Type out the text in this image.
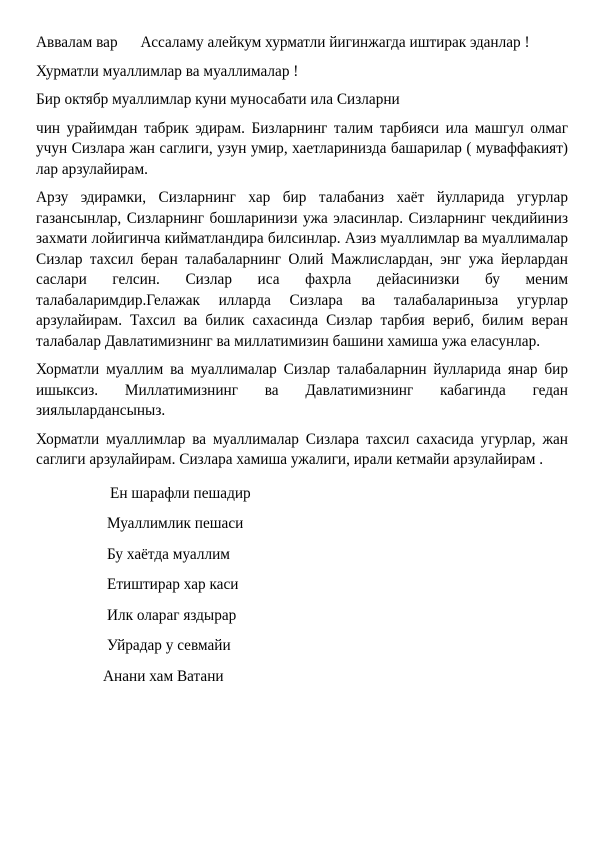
Аввалам вар      Ассаламу алейкум хурматли йигинжагда иштирак эданлар !

Хурматли муаллимлар ва муаллималар !

Бир октябр муаллимлар куни муносабати ила Сизларни

чин урайимдан табрик эдирам. Бизларнинг талим тарбияси ила машгул олмаг учун Сизлара жан саглиги, узун умир, хаетларинизда башарилар ( муваффакият) лар арзулайирам.

Арзу эдирамки, Сизларнинг хар бир талабаниз хаёт йулларида угурлар газансынлар, Сизларнинг бошларинизи ужа эласинлар. Сизларнинг чекдийиниз захмати лойигинча кийматландира билсинлар. Азиз муаллимлар ва муаллималар Сизлар тахсил беран талабаларнинг Олий Мажлислардан, энг ужа йерлардан саслари гелсин. Сизлар иса фахрла дейасинизки бу меним талабаларимдир.Гелажак илларда Сизлара ва талабаларинызa угурлар арзулайирам. Тахсил ва билик сахасинда Сизлар тарбия вериб, билим веран талабалар Давлатимизнинг ва миллатимизин башини хамиша ужа еласунлар.

Хорматли муаллим ва муаллималар Сизлар талабаларнин йулларида янар бир ишыксиз. Миллатимизнинг ва Давлатимизнинг кабагинда гедан зиялылардансыныз.

Хорматли муаллимлар ва муаллималар Сизлара тахсил сахасида угурлар, жан саглиги арзулайирам. Сизлара хамиша ужалиги, ирали кетмайи арзулайирам .

Ен шарафли пешадир
Муаллимлик пешаси
Бу хаётда муаллим
Етиштирар хар каси
Илк олараг яздырар
Уйрадар у севмайи
Анани хам Ватани
